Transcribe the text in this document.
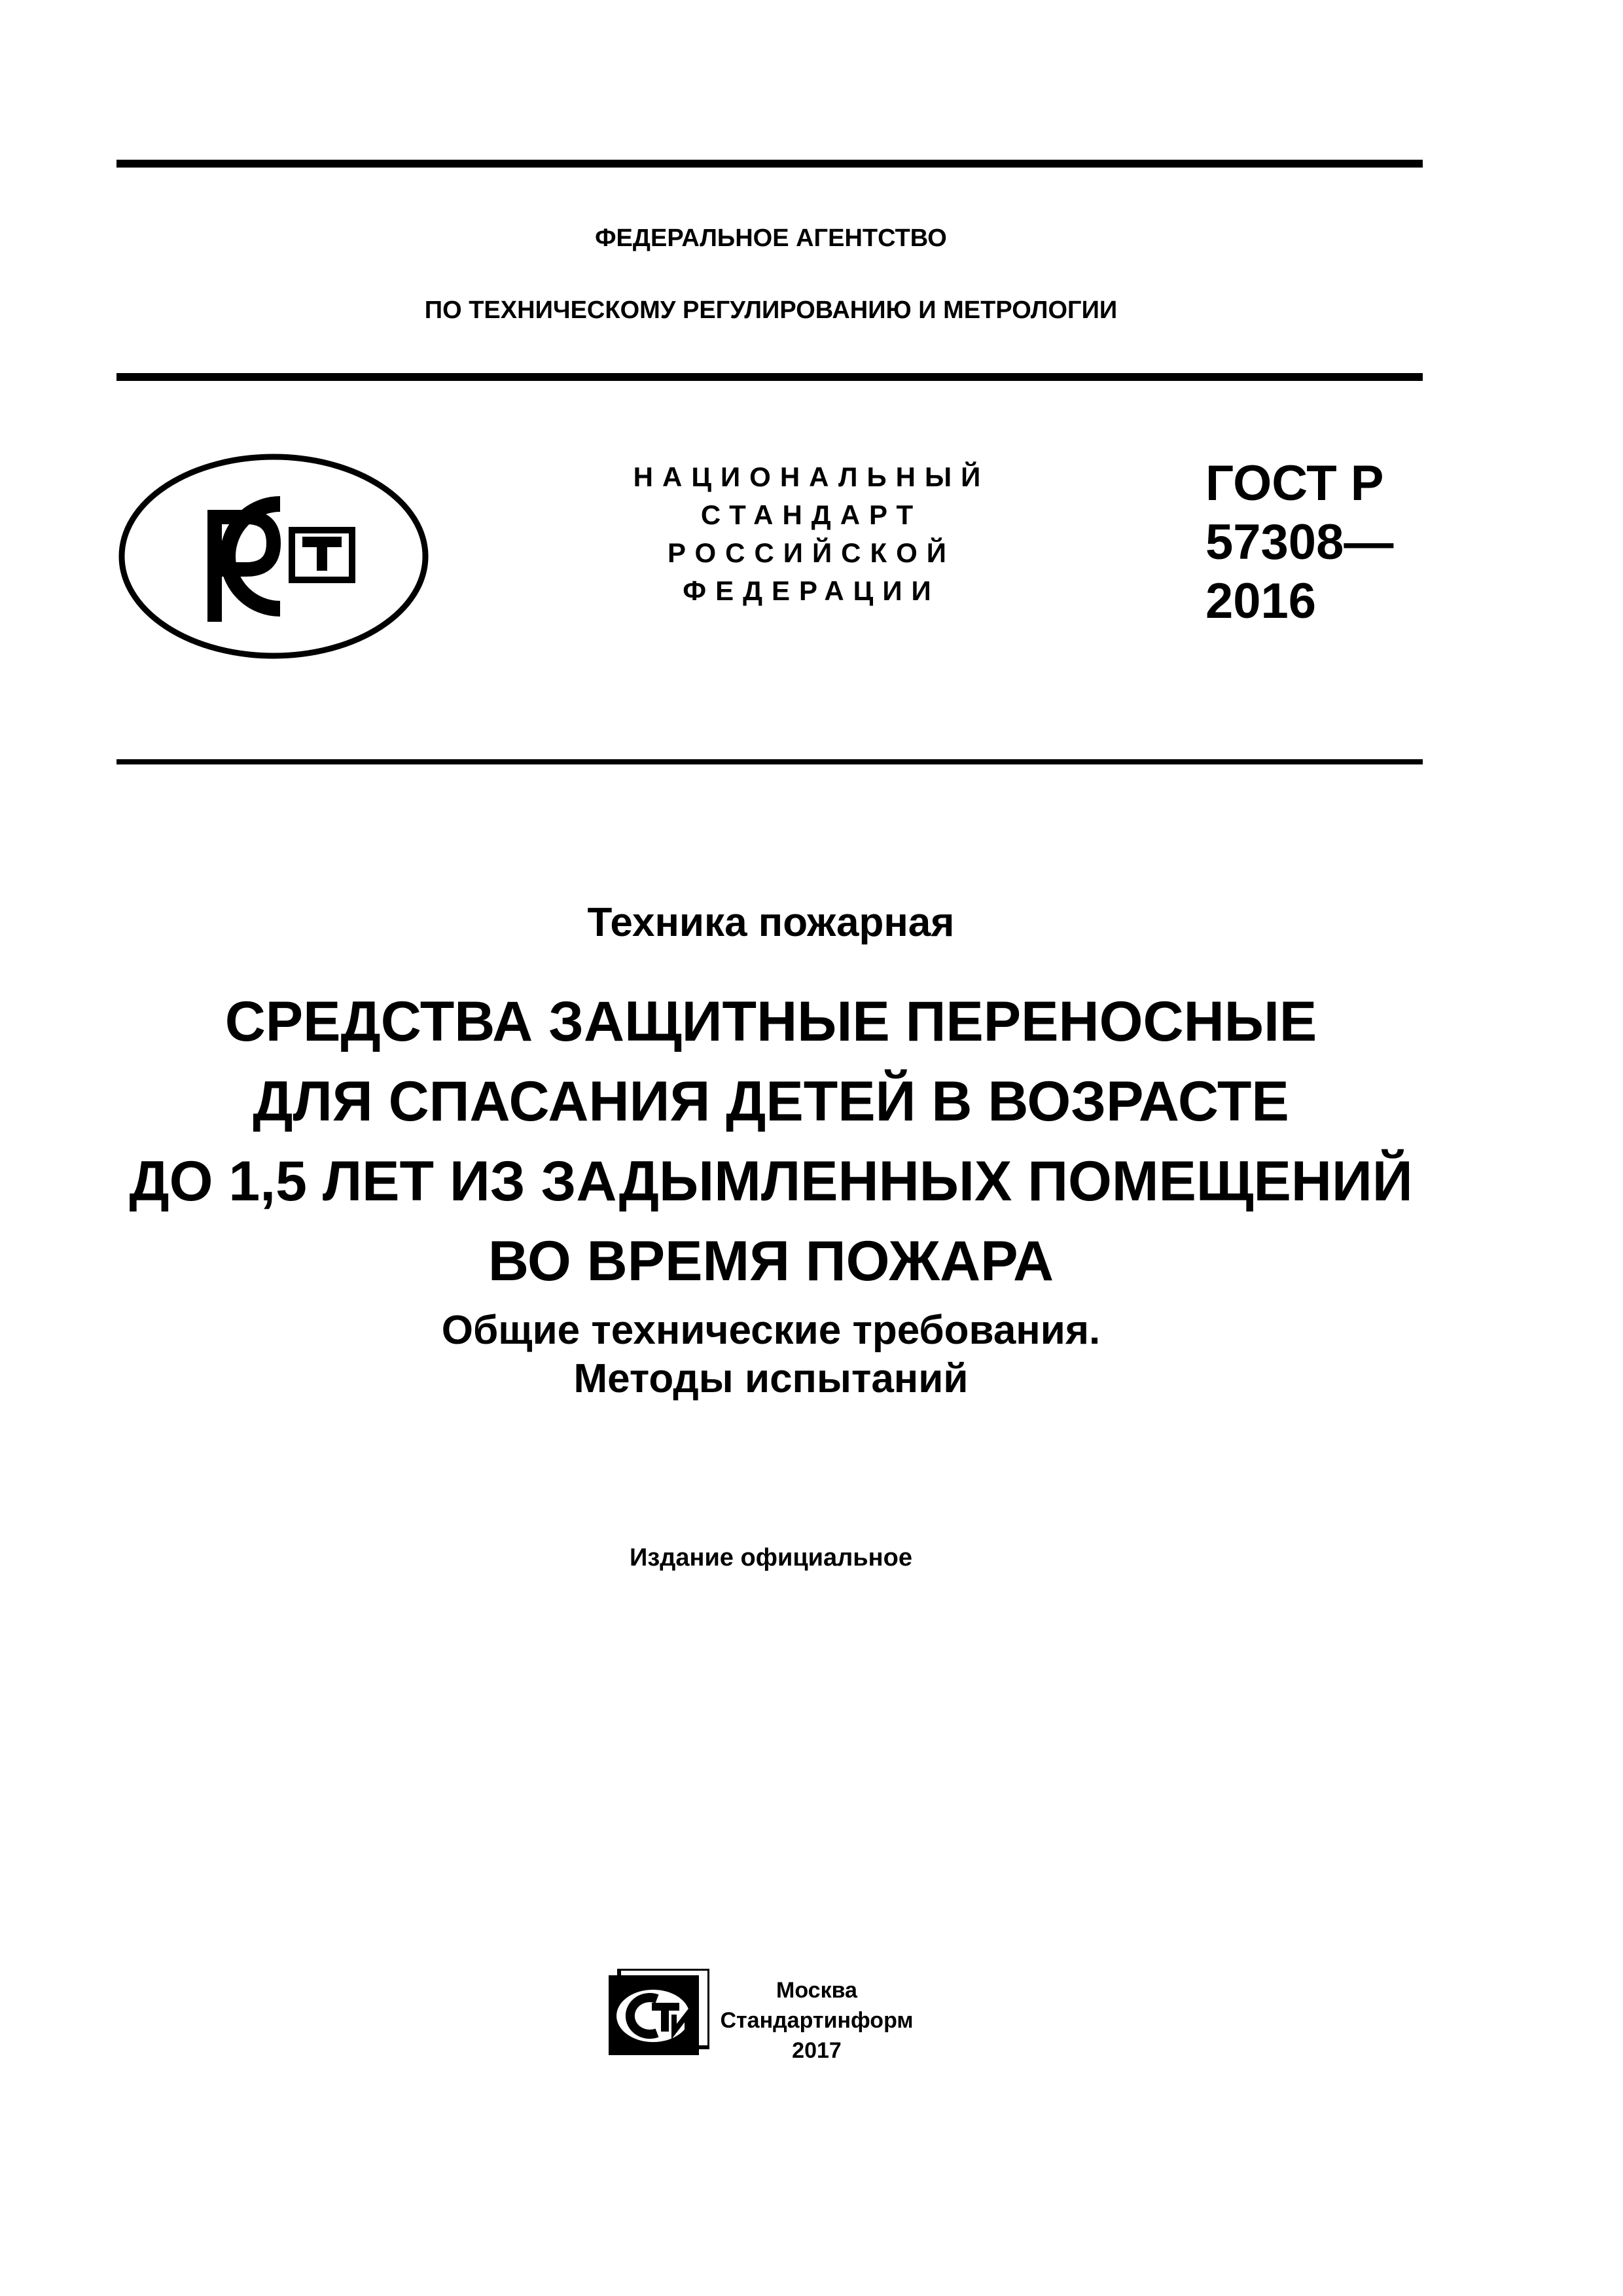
ФЕДЕРАЛЬНОЕ АГЕНТСТВО
ПО ТЕХНИЧЕСКОМУ РЕГУЛИРОВАНИЮ И МЕТРОЛОГИИ
НАЦИОНАЛЬНЫЙ
СТАНДАРТ
РОССИЙСКОЙ
ФЕДЕРАЦИИ
ГОСТ Р
57308—
2016
Техника пожарная
СРЕДСТВА ЗАЩИТНЫЕ ПЕРЕНОСНЫЕ
ДЛЯ СПАСАНИЯ ДЕТЕЙ В ВОЗРАСТЕ
ДО 1,5 ЛЕТ ИЗ ЗАДЫМЛЕННЫХ ПОМЕЩЕНИЙ
ВО ВРЕМЯ ПОЖАРА
Общие технические требования.
Методы испытаний
Издание официальное
Москва
Стандартинформ
2017
